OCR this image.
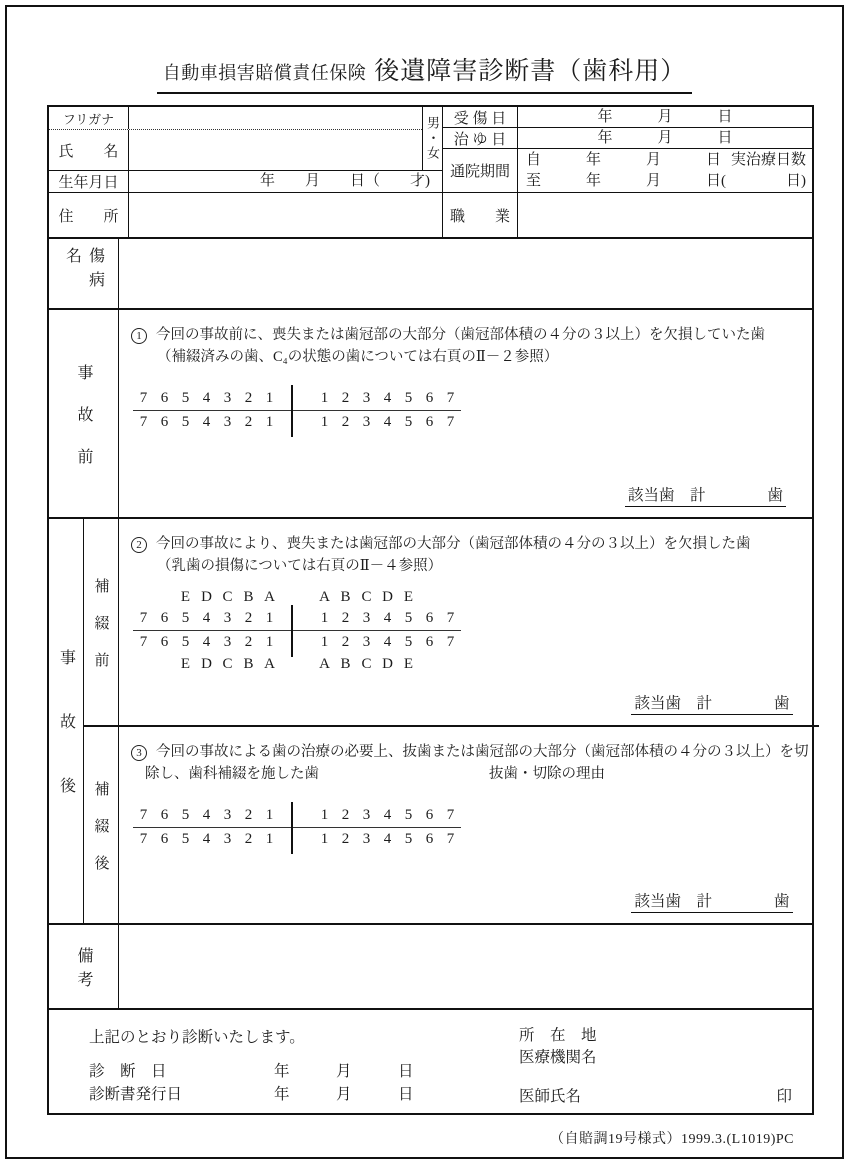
自動車損害賠償責任保険 後遺障害診断書（歯科用）
フリガナ
氏　　名	男・女
生年月日	年　　月　　日（　　才)
住　　所
受 傷 日	年　　　月　　　日
治 ゆ 日	年　　　月　　　日
通院期間
自　　　年　　　月　　　日 実治療日数
至　　　年　　　月　　　日(　　　　日)
職　　業
傷病名
事故前
1 今回の事故前に、喪失または歯冠部の大部分（歯冠部体積の４分の３以上）を欠損していた歯
（補綴済みの歯、C₄の状態の歯については右頁のⅡ－２参照）
7 6 5 4 3 2 1	1 2 3 4 5 6 7
7 6 5 4 3 2 1	1 2 3 4 5 6 7
該当歯　計　　　　歯
事故後
補綴前
2 今回の事故により、喪失または歯冠部の大部分（歯冠部体積の４分の３以上）を欠損した歯
（乳歯の損傷については右頁のⅡ－４参照）
E D C B A	A B C D E
7 6 5 4 3 2 1	1 2 3 4 5 6 7
7 6 5 4 3 2 1	1 2 3 4 5 6 7
E D C B A	A B C D E
該当歯　計　　　　歯
補綴後
3 今回の事故による歯の治療の必要上、抜歯または歯冠部の大部分（歯冠部体積の４分の３以上）を切
除し、歯科補綴を施した歯	抜歯・切除の理由
7 6 5 4 3 2 1	1 2 3 4 5 6 7
7 6 5 4 3 2 1	1 2 3 4 5 6 7
該当歯　計　　　　歯
備考
上記のとおり診断いたします。
診　断　日	年　　　月　　　日
診断書発行日	年　　　月　　　日
所　在　地
医療機関名
医師氏名	印
（自賠調19号様式）1999.3.(L1019)PC
